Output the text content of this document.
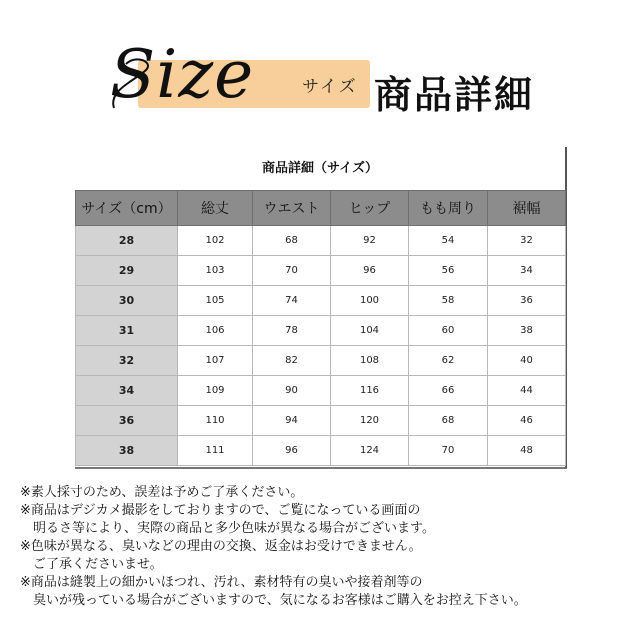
Size	サイズ 商品詳細
商品詳細（サイズ）
サイズ（cm）	総丈	ウエスト	ヒップ	もも周り	裾幅
28	102	68	92	54	32
29	103	70	96	56	34
30	105	74	100	58	36
31	106	78	104	60	38
32	107	82	108	62	40
34	109	90	116	66	44
36	110	94	120	68	46
38	111	96	124	70	48
※素人採寸のため、誤差は予めご了承ください。
※商品はデジカメ撮影をしておりますので、ご覧になっている画面の
明るさ等により、実際の商品と多少色味が異なる場合がございます。
※色味が異なる、臭いなどの理由の交換、返金はお受けできません。
ご了承くださいませ。
※商品は縫製上の細かいほつれ、汚れ、素材特有の臭いや接着剤等の
臭いが残っている場合がございますので、気になるお客様はご購入をお控え下さい。
